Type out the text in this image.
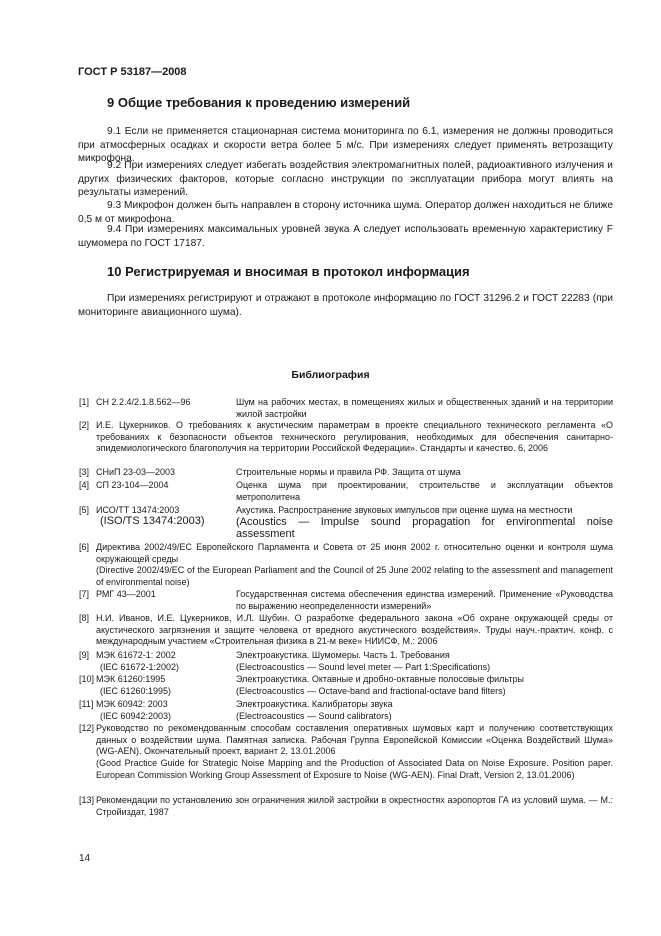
ГОСТ Р 53187—2008
9 Общие требования к проведению измерений
9.1 Если не применяется стационарная система мониторинга по 6.1, измерения не должны проводиться при атмосферных осадках и скорости ветра более 5 м/с. При измерениях следует применять ветрозащиту микрофона.
9.2 При измерениях следует избегать воздействия электромагнитных полей, радиоактивного излучения и других физических факторов, которые согласно инструкции по эксплуатации прибора могут влиять на результаты измерений.
9.3 Микрофон должен быть направлен в сторону источника шума. Оператор должен находиться не ближе 0,5 м от микрофона.
9.4 При измерениях максимальных уровней звука A следует использовать временную характеристику F шумомера по ГОСТ 17187.
10 Регистрируемая и вносимая в протокол информация
При измерениях регистрируют и отражают в протоколе информацию по ГОСТ 31296.2 и ГОСТ 22283 (при мониторинге авиационного шума).
Библиография
[1] СН 2.2.4/2.1.8.562—96	Шум на рабочих местах, в помещениях жилых и общественных зданий и на территории жилой застройки
[2] И.Е. Цукерников. О требованиях к акустическим параметрам в проекте специального технического регламента «О требованиях к безопасности объектов технического регулирования, необходимых для обеспечения санитарно-эпидемиологического благополучия на территории Российской Федерации». Стандарты и качество. 6, 2006
[3] СНиП 23-03—2003	Строительные нормы и правила РФ. Защита от шума
[4] СП 23-104—2004	Оценка шума при проектировании, строительстве и эксплуатации объектов метрополитена
[5] ИСО/ТТ 13474:2003	Акустика. Распространение звуковых импульсов при оценке шума на местности
(ISO/TS 13474:2003)	(Acoustics — Impulse sound propagation for environmental noise assessment
[6] Директива 2002/49/ЕС Европейского Парламента и Совета от 25 июня 2002 г. относительно оценки и контроля шума окружающей среды
(Directive 2002/49/EC of the European Parliament and the Council of 25 June 2002 relating to the assessment and management of environmental noise)
[7] РМГ 43—2001	Государственная система обеспечения единства измерений. Применение «Руководства по выражению неопределенности измерений»
[8] Н.И. Иванов, И.Е. Цукерников, И.Л. Шубин. О разработке федерального закона «Об охране окружающей среды от акустического загрязнения и защите человека от вредного акустического воздействия». Труды науч.-практич. конф. с международным участием «Строительная физика в 21-м веке» НИИСФ, М.: 2006
[9] МЭК 61672-1: 2002	Электроакустика. Шумомеры. Часть 1. Требования
(IEC 61672-1:2002)	(Electroacoustics — Sound level meter — Part 1:Specifications)
[10] МЭК 61260:1995	Электроакустика. Октавные и дробно-октавные полосовые фильтры
(IEC 61260:1995)	(Electroacoustics — Octave-band and fractional-octave band filters)
[11] МЭК 60942: 2003	Электроакустика. Калибраторы звука
(IEC 60942:2003)	(Electroacoustics — Sound calibrators)
[12] Руководство по рекомендованным способам составления оперативных шумовых карт и получению соответствующих данных о воздействии шума. Памятная записка. Рабочая Группа Европейской Комиссии «Оценка Воздействий Шума» (WG-AEN). Окончательный проект, вариант 2, 13.01.2006
(Good Practice Guide for Strategic Noise Mapping and the Production of Associated Data on Noise Exposure. Position paper. European Commission Working Group Assessment of Exposure to Noise (WG-AEN). Final Draft, Version 2, 13.01.2006)
[13] Рекомендации по установлению зон ограничения жилой застройки в окрестностях аэропортов ГА из условий шума. — М.: Стройиздат, 1987
14
